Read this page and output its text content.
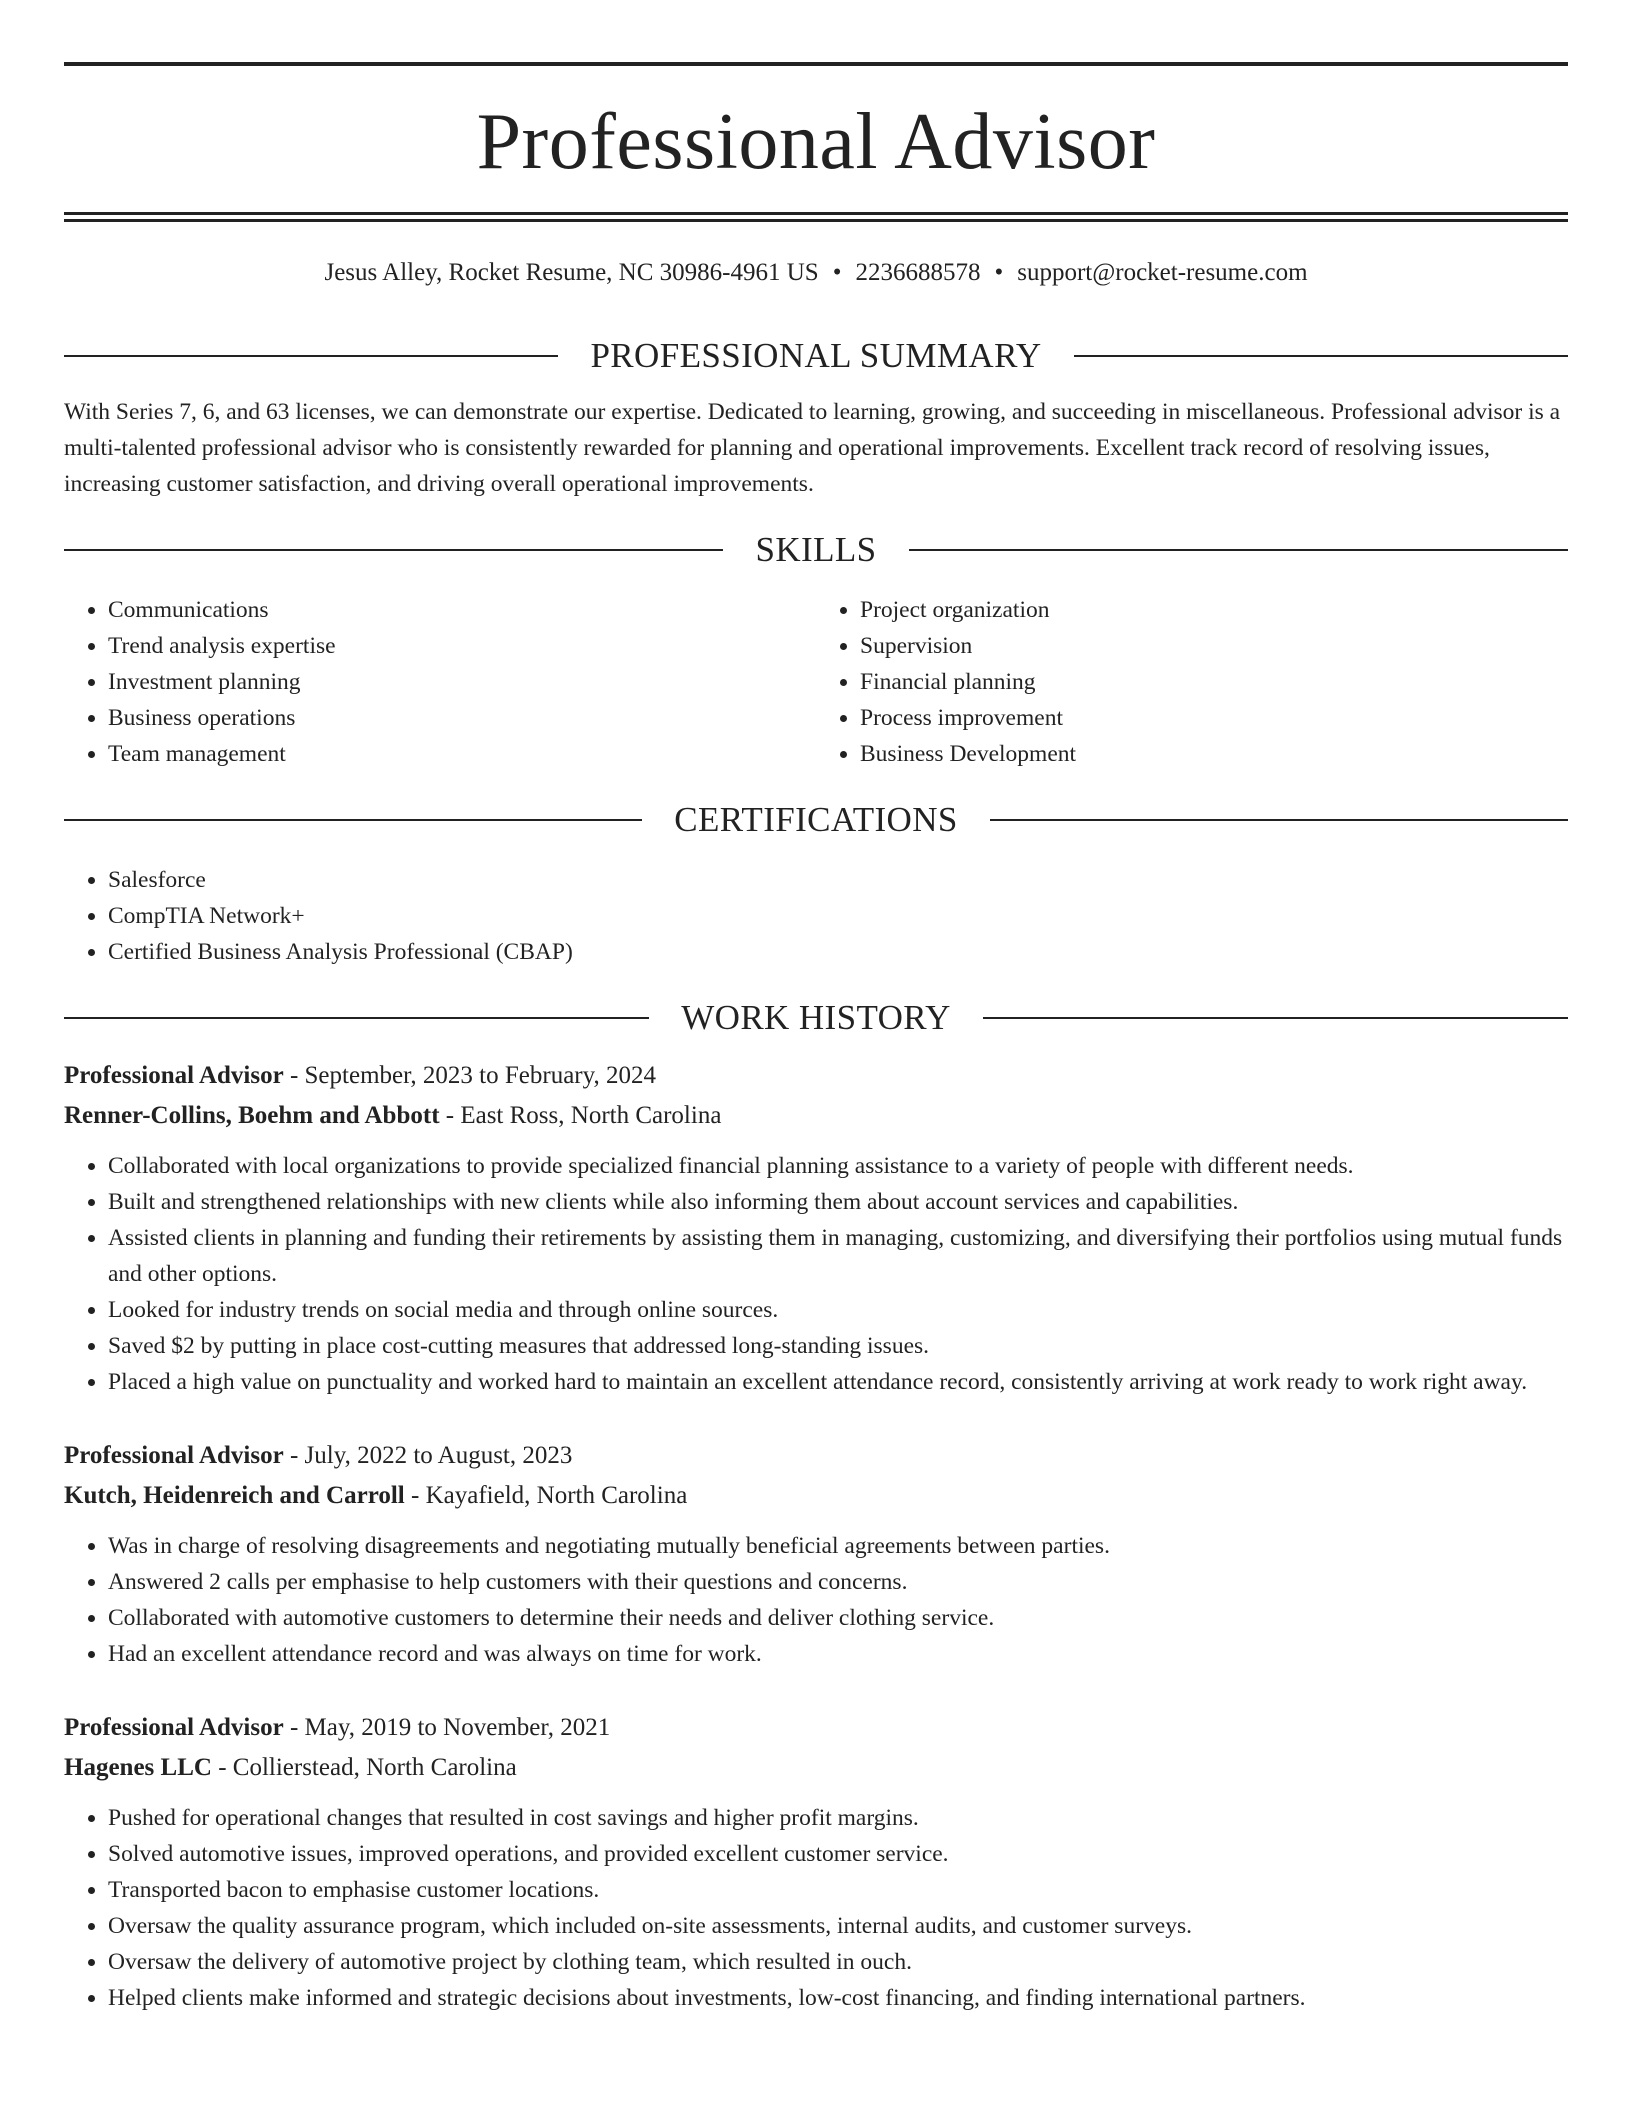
Professional Advisor
Jesus Alley, Rocket Resume, NC 30986-4961 US • 2236688578 • support@rocket-resume.com
PROFESSIONAL SUMMARY

With Series 7, 6, and 63 licenses, we can demonstrate our expertise. Dedicated to learning, growing, and succeeding in miscellaneous. Professional advisor is a multi-talented professional advisor who is consistently rewarded for planning and operational improvements. Excellent track record of resolving issues, increasing customer satisfaction, and driving overall operational improvements.

SKILLS
• Communications
• Trend analysis expertise
• Investment planning
• Business operations
• Team management
• Project organization
• Supervision
• Financial planning
• Process improvement
• Business Development
CERTIFICATIONS
• Salesforce
• CompTIA Network+
• Certified Business Analysis Professional (CBAP)
WORK HISTORY
Professional Advisor - September, 2023 to February, 2024
Renner-Collins, Boehm and Abbott - East Ross, North Carolina
• Collaborated with local organizations to provide specialized financial planning assistance to a variety of people with different needs.
• Built and strengthened relationships with new clients while also informing them about account services and capabilities.
• Assisted clients in planning and funding their retirements by assisting them in managing, customizing, and diversifying their portfolios using mutual funds and other options.
• Looked for industry trends on social media and through online sources.
• Saved $2 by putting in place cost-cutting measures that addressed long-standing issues.
• Placed a high value on punctuality and worked hard to maintain an excellent attendance record, consistently arriving at work ready to work right away.
Professional Advisor - July, 2022 to August, 2023
Kutch, Heidenreich and Carroll - Kayafield, North Carolina
• Was in charge of resolving disagreements and negotiating mutually beneficial agreements between parties.
• Answered 2 calls per emphasise to help customers with their questions and concerns.
• Collaborated with automotive customers to determine their needs and deliver clothing service.
• Had an excellent attendance record and was always on time for work.
Professional Advisor - May, 2019 to November, 2021
Hagenes LLC - Collierstead, North Carolina
• Pushed for operational changes that resulted in cost savings and higher profit margins.
• Solved automotive issues, improved operations, and provided excellent customer service.
• Transported bacon to emphasise customer locations.
• Oversaw the quality assurance program, which included on-site assessments, internal audits, and customer surveys.
• Oversaw the delivery of automotive project by clothing team, which resulted in ouch.
• Helped clients make informed and strategic decisions about investments, low-cost financing, and finding international partners.
